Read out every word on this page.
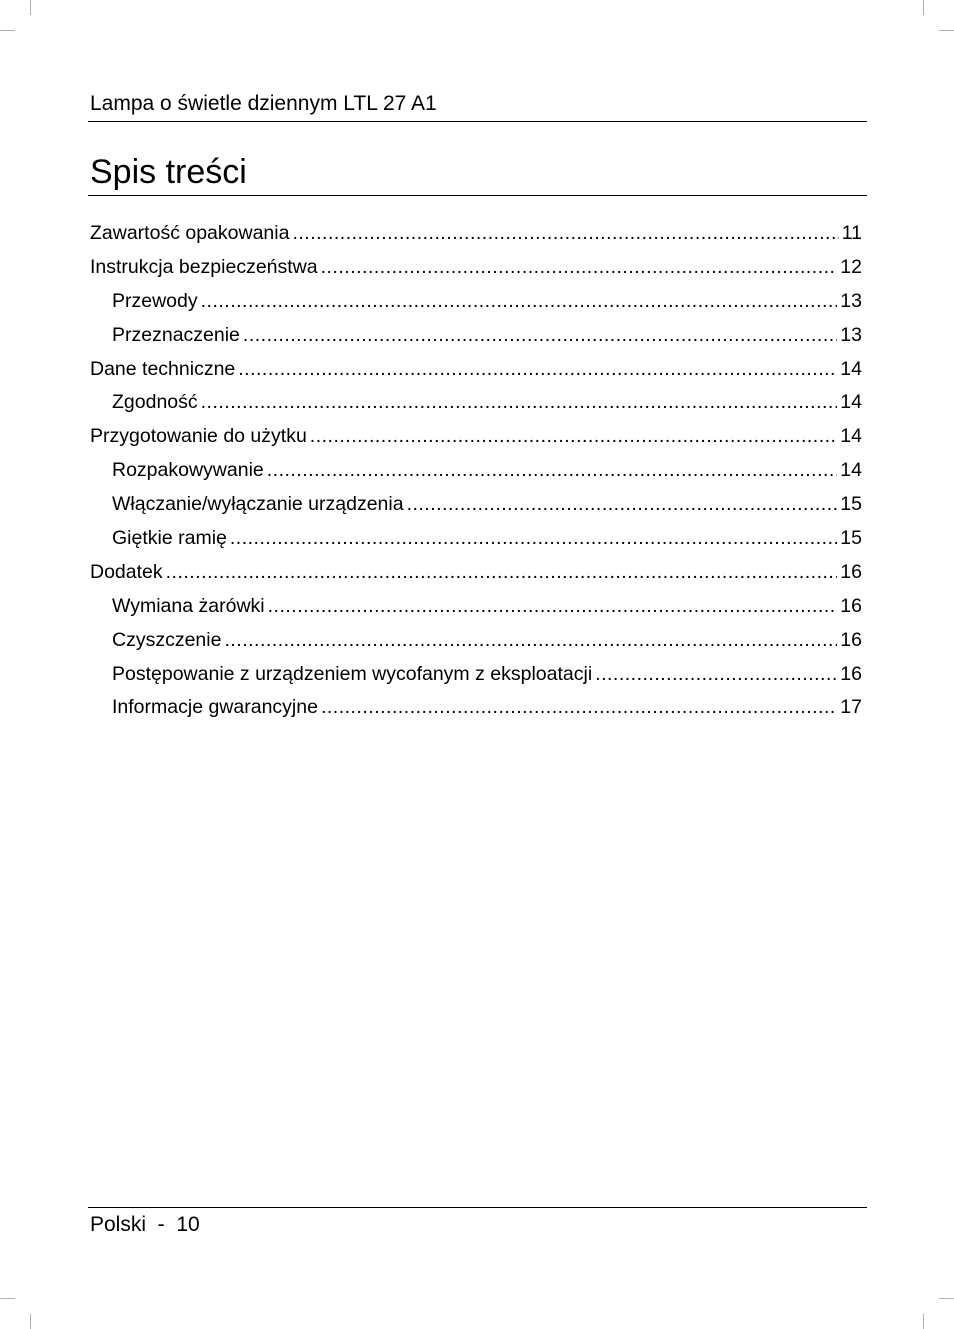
Lampa o świetle dziennym LTL 27 A1
Spis treści
Zawartość opakowania .....	11
Instrukcja bezpieczeństwa .....	12
Przewody .....	13
Przeznaczenie .....	13
Dane techniczne .....	14
Zgodność .....	14
Przygotowanie do użytku .....	14
Rozpakowywanie .....	14
Włączanie/wyłączanie urządzenia .....	15
Giętkie ramię .....	15
Dodatek .....	16
Wymiana żarówki .....	16
Czyszczenie .....	16
Postępowanie z urządzeniem wycofanym z eksploatacji .....	16
Informacje gwarancyjne .....	17
Polski  -  10
